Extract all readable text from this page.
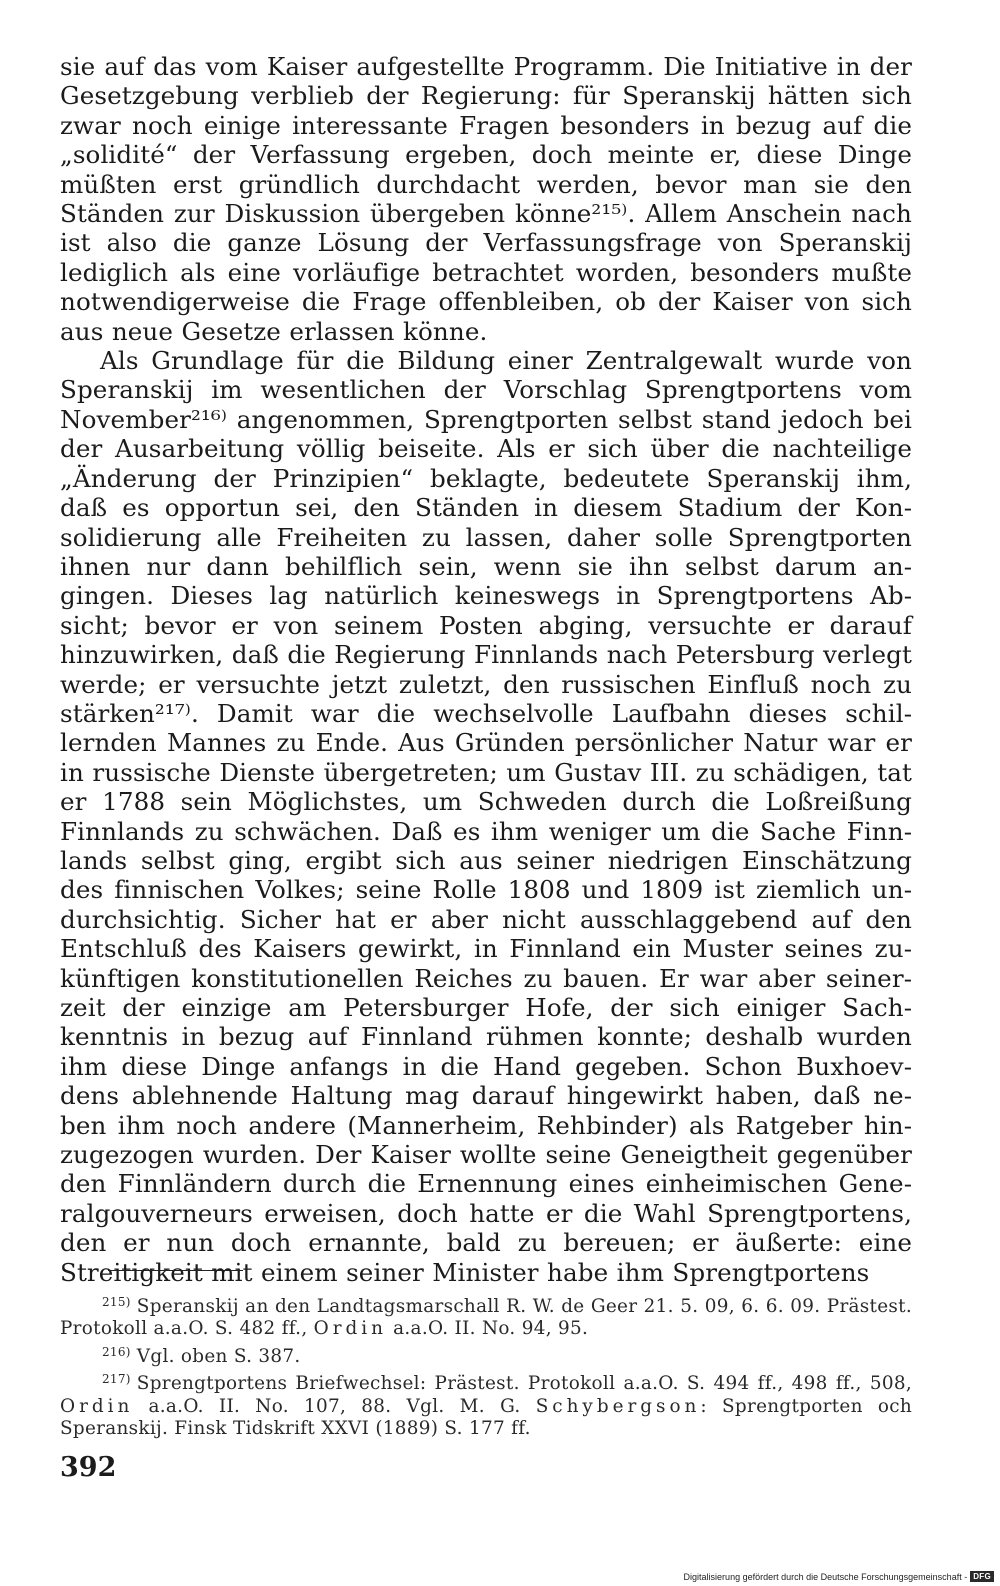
sie auf das vom Kaiser aufgestellte Programm. Die Initiative in der Gesetzgebung verblieb der Regierung: für Speranskij hätten sich zwar noch einige interessante Fragen besonders in bezug auf die „solidité“ der Verfassung ergeben, doch meinte er, diese Dinge müßten erst gründlich durchdacht werden, bevor man sie den Ständen zur Diskussion übergeben könne²¹⁵⁾. Allem Anschein nach ist also die ganze Lösung der Verfassungsfrage von Speranskij lediglich als eine vorläufige betrachtet worden, besonders mußte notwendigerweise die Frage offenbleiben, ob der Kaiser von sich aus neue Gesetze erlassen könne.

Als Grundlage für die Bildung einer Zentralgewalt wurde von Speranskij im wesentlichen der Vorschlag Sprengtportens vom November²¹⁶⁾ angenommen, Sprengtporten selbst stand jedoch bei der Ausarbeitung völlig beiseite. Als er sich über die nachteilige „Änderung der Prinzipien“ beklagte, bedeutete Speranskij ihm, daß es opportun sei, den Ständen in diesem Stadium der Konsolidierung alle Freiheiten zu lassen, daher solle Sprengtporten ihnen nur dann behilflich sein, wenn sie ihn selbst darum angingen. Dieses lag natürlich keineswegs in Sprengtportens Absicht; bevor er von seinem Posten abging, versuchte er darauf hinzuwirken, daß die Regierung Finnlands nach Petersburg verlegt werde; er versuchte jetzt zuletzt, den russischen Einfluß noch zu stärken²¹⁷⁾. Damit war die wechselvolle Laufbahn dieses schillernden Mannes zu Ende. Aus Gründen persönlicher Natur war er in russische Dienste übergetreten; um Gustav III. zu schädigen, tat er 1788 sein Möglichstes, um Schweden durch die Loßreißung Finnlands zu schwächen. Daß es ihm weniger um die Sache Finnlands selbst ging, ergibt sich aus seiner niedrigen Einschätzung des finnischen Volkes; seine Rolle 1808 und 1809 ist ziemlich undurchsichtig. Sicher hat er aber nicht ausschlaggebend auf den Entschluß des Kaisers gewirkt, in Finnland ein Muster seines zukünftigen konstitutionellen Reiches zu bauen. Er war aber seinerzeit der einzige am Petersburger Hofe, der sich einiger Sachkenntnis in bezug auf Finnland rühmen konnte; deshalb wurden ihm diese Dinge anfangs in die Hand gegeben. Schon Buxhoevdens ablehnende Haltung mag darauf hingewirkt haben, daß neben ihm noch andere (Mannerheim, Rehbinder) als Ratgeber hinzugezogen wurden. Der Kaiser wollte seine Geneigtheit gegenüber den Finnländern durch die Ernennung eines einheimischen Generalgouverneurs erweisen, doch hatte er die Wahl Sprengtportens, den er nun doch ernannte, bald zu bereuen; er äußerte: eine Streitigkeit mit einem seiner Minister habe ihm Sprengtportens

$^{215)}$ Speranskij an den Landtagsmarschall R. W. de Geer 21. 5. 09, 6. 6. 09. Prästest. Protokoll a.a.O. S. 482 ff., Ordin a.a.O. II. No. 94, 95.

$^{216)}$ Vgl. oben S. 387.

$^{217)}$ Sprengtportens Briefwechsel: Prästest. Protokoll a.a.O. S. 494 ff., 498 ff., 508, Ordin a.a.O. II. No. 107, 88. Vgl. M. G. Schybergson: Sprengtporten och Speranskij. Finsk Tidskrift XXVI (1889) S. 177 ff.

392
Digitalisierung gefördert durch die Deutsche Forschungsgemeinschaft - DFG
